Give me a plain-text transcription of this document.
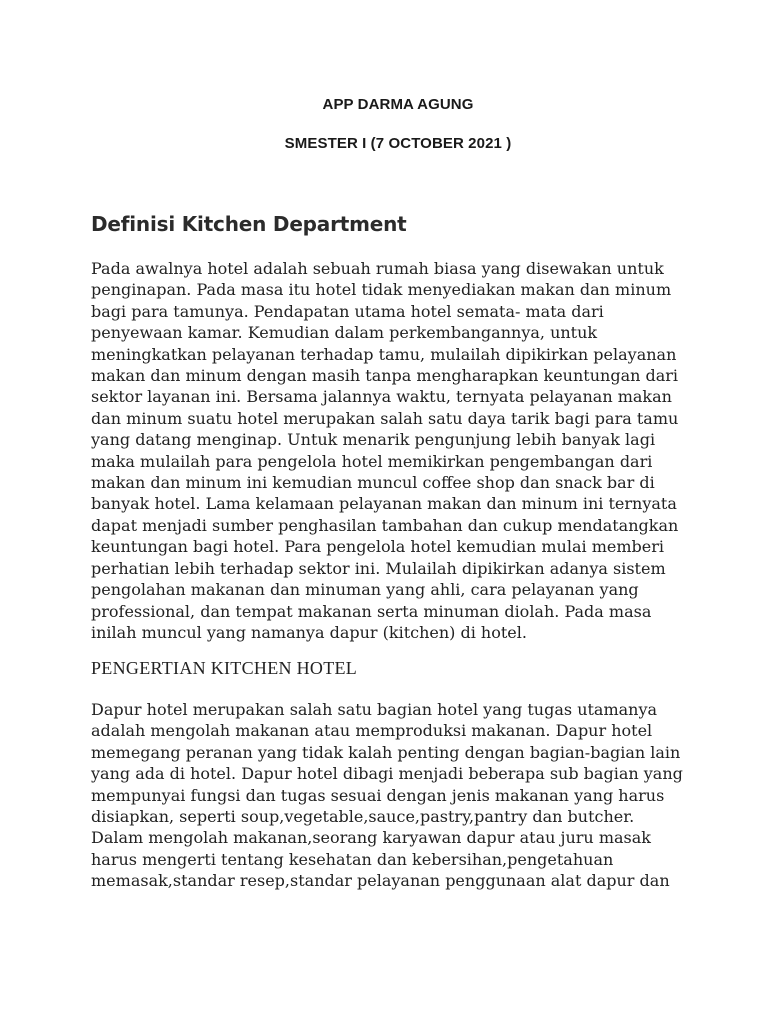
APP DARMA AGUNG
SMESTER I (7 OCTOBER 2021 )
Definisi Kitchen Department
Pada awalnya hotel adalah sebuah rumah biasa yang disewakan untuk
penginapan. Pada masa itu hotel tidak menyediakan makan dan minum
bagi para tamunya. Pendapatan utama hotel semata- mata dari
penyewaan kamar. Kemudian dalam perkembangannya, untuk
meningkatkan pelayanan terhadap tamu, mulailah dipikirkan pelayanan
makan dan minum dengan masih tanpa mengharapkan keuntungan dari
sektor layanan ini. Bersama jalannya waktu, ternyata pelayanan makan
dan minum suatu hotel merupakan salah satu daya tarik bagi para tamu
yang datang menginap. Untuk menarik pengunjung lebih banyak lagi
maka mulailah para pengelola hotel memikirkan pengembangan dari
makan dan minum ini kemudian muncul coffee shop dan snack bar di
banyak hotel. Lama kelamaan pelayanan makan dan minum ini ternyata
dapat menjadi sumber penghasilan tambahan dan cukup mendatangkan
keuntungan bagi hotel. Para pengelola hotel kemudian mulai memberi
perhatian lebih terhadap sektor ini. Mulailah dipikirkan adanya sistem
pengolahan makanan dan minuman yang ahli, cara pelayanan yang
professional, dan tempat makanan serta minuman diolah. Pada masa
inilah muncul yang namanya dapur (kitchen) di hotel.
PENGERTIAN KITCHEN HOTEL
Dapur hotel merupakan salah satu bagian hotel yang tugas utamanya
adalah mengolah makanan atau memproduksi makanan. Dapur hotel
memegang peranan yang tidak kalah penting dengan bagian-bagian lain
yang ada di hotel. Dapur hotel dibagi menjadi beberapa sub bagian yang
mempunyai fungsi dan tugas sesuai dengan jenis makanan yang harus
disiapkan, seperti soup,vegetable,sauce,pastry,pantry dan butcher.
Dalam mengolah makanan,seorang karyawan dapur atau juru masak
harus mengerti tentang kesehatan dan kebersihan,pengetahuan
memasak,standar resep,standar pelayanan penggunaan alat dapur dan
